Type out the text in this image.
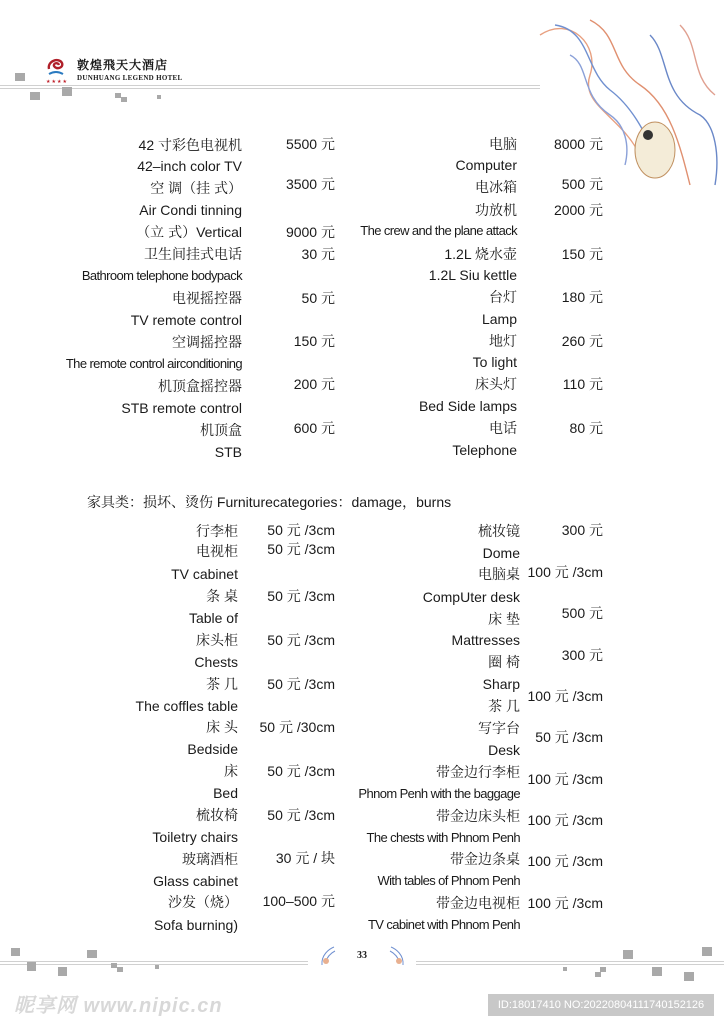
★★★★
敦煌飛天大酒店
DUNHUANG LEGEND HOTEL
42 寸彩色电视机
42–inch color TV
空 调（挂 式）
Air Condi tinning
（立 式）Vertical
卫生间挂式电话
Bathroom telephone bodypack
电视摇控器
TV remote control
空调摇控器
The remote control airconditioning
机顶盒摇控器
STB remote control
机顶盒
STB
5500 元
3500 元
9000 元
30 元
50 元
150 元
200 元
600 元
电脑
Computer
电冰箱
功放机
The crew and the plane attack
1.2L 烧水壶
1.2L Siu kettle
台灯
Lamp
地灯
To light
床头灯
Bed Side lamps
电话
Telephone
8000 元
500 元
2000 元
150 元
180 元
260 元
110 元
80 元
家具类：损坏、烫伤 Furniturecategories：damage，burns
行李柜
电视柜
TV cabinet
条 桌
Table of
床头柜
Chests
茶 几
The coffles table
床 头
Bedside
床
Bed
梳妆椅
Toiletry chairs
玻璃酒柜
Glass cabinet
沙发（烧）
Sofa burning)
50 元 /3cm
50 元 /3cm
50 元 /3cm
50 元 /3cm
50 元 /3cm
50 元 /30cm
50 元 /3cm
50 元 /3cm
30 元 / 块
100–500 元
梳妆镜
Dome
电脑桌
CompUter desk
床 垫
Mattresses
圈 椅
Sharp
茶 几
写字台
Desk
带金边行李柜
Phnom Penh with the baggage
带金边床头柜
The chests with Phnom Penh
带金边条桌
With tables of Phnom Penh
带金边电视柜
TV cabinet with Phnom Penh
300 元
100 元 /3cm
500 元
300 元
100 元 /3cm
50 元 /3cm
100 元 /3cm
100 元 /3cm
100 元 /3cm
100 元 /3cm
33
昵享网 www.nipic.cn	ID:18017410 NO:20220804111740152126
